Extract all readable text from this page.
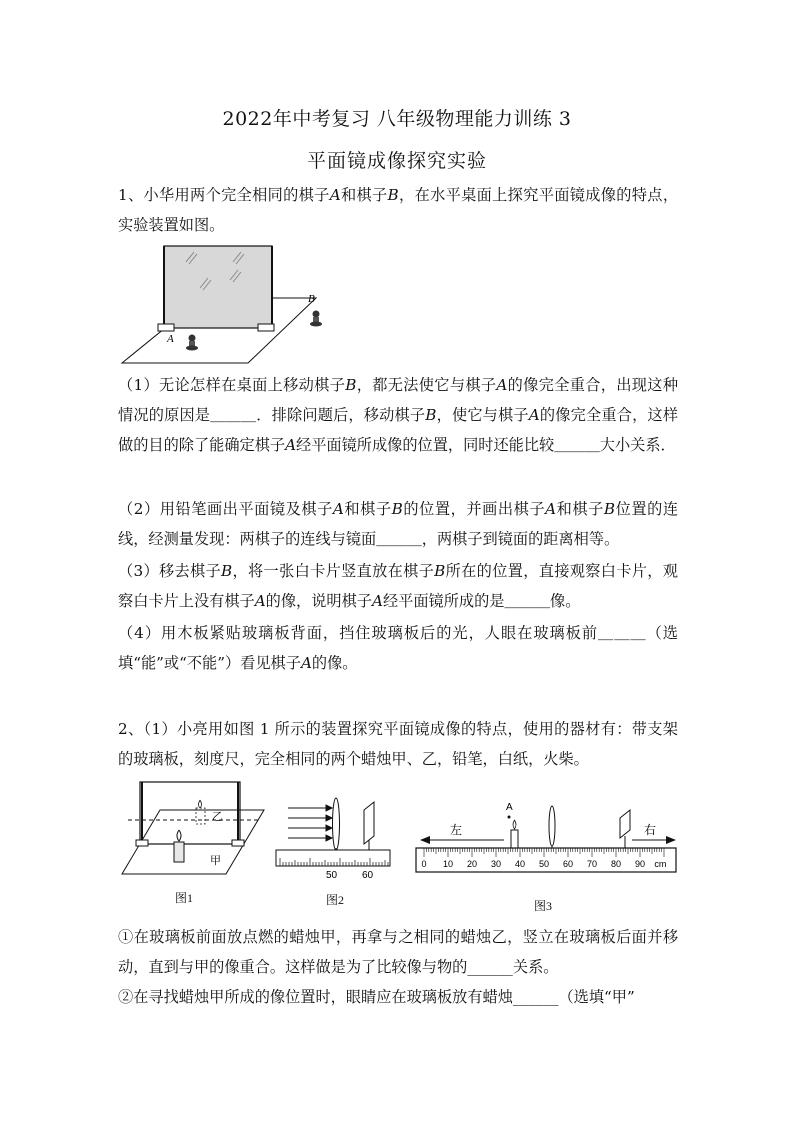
2022年中考复习 八年级物理能力训练 3
平面镜成像探究实验
1、小华用两个完全相同的棋子A和棋子B，在水平桌面上探究平面镜成像的特点，实验装置如图。
A
B
（1）无论怎样在桌面上移动棋子B，都无法使它与棋子A的像完全重合，出现这种情况的原因是＿＿＿．排除问题后，移动棋子B，使它与棋子A的像完全重合，这样做的目的除了能确定棋子A经平面镜所成像的位置，同时还能比较＿＿＿大小关系．
（2）用铅笔画出平面镜及棋子A和棋子B的位置，并画出棋子A和棋子B位置的连线，经测量发现：两棋子的连线与镜面＿＿＿，两棋子到镜面的距离相等。
（3）移去棋子B，将一张白卡片竖直放在棋子B所在的位置，直接观察白卡片，观察白卡片上没有棋子A的像，说明棋子A经平面镜所成的是＿＿＿像。
（4）用木板紧贴玻璃板背面，挡住玻璃板后的光，人眼在玻璃板前＿＿＿（选填“能”或“不能”）看见棋子A的像。
2、（1）小亮用如图 1 所示的装置探究平面镜成像的特点，使用的器材有：带支架的玻璃板，刻度尺，完全相同的两个蜡烛甲、乙，铅笔，白纸，火柴。
乙
甲
图1
50 60
图2
左	右
A
0 10 20 30 40 50 60 70 80 90 cm
图3
①在玻璃板前面放点燃的蜡烛甲，再拿与之相同的蜡烛乙，竖立在玻璃板后面并移动，直到与甲的像重合。这样做是为了比较像与物的______关系。
②在寻找蜡烛甲所成的像位置时，眼睛应在玻璃板放有蜡烛______（选填“甲”
